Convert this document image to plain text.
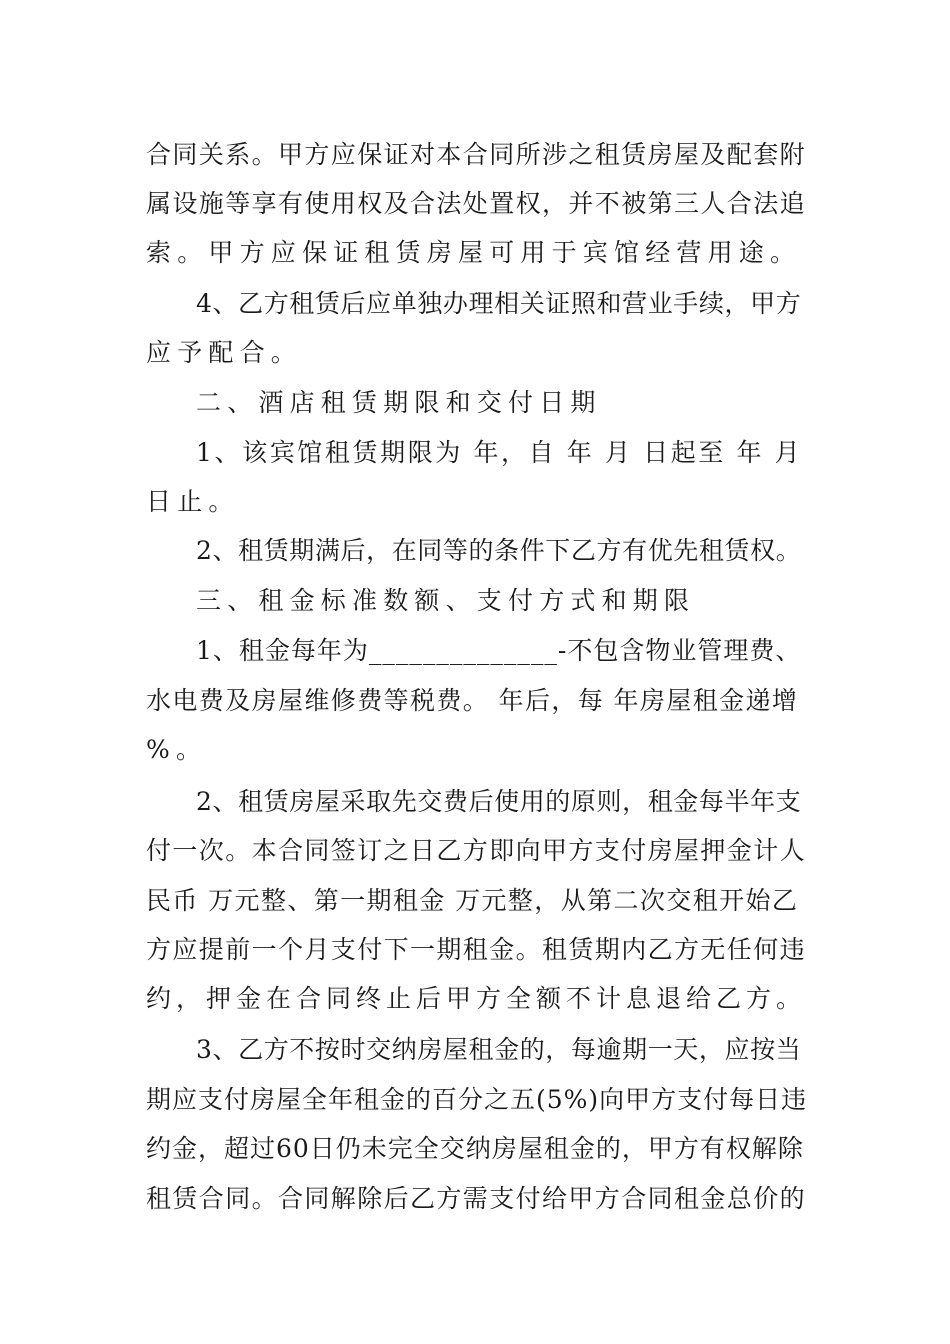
合同关系。甲方应保证对本合同所涉之租赁房屋及配套附
属设施等享有使用权及合法处置权，并不被第三人合法追
索。甲方应保证租赁房屋可用于宾馆经营用途。
4、乙方租赁后应单独办理相关证照和营业手续，甲方
应予配合。
二、酒店租赁期限和交付日期
1、该宾馆租赁期限为 年，自 年 月 日起至 年 月
日止。
2、租赁期满后，在同等的条件下乙方有优先租赁权。
三、租金标准数额、支付方式和期限
1、租金每年为______________-不包含物业管理费、
水电费及房屋维修费等税费。 年后，每 年房屋租金递增
%。
2、租赁房屋采取先交费后使用的原则，租金每半年支
付一次。本合同签订之日乙方即向甲方支付房屋押金计人
民币 万元整、第一期租金 万元整，从第二次交租开始乙
方应提前一个月支付下一期租金。租赁期内乙方无任何违
约，押金在合同终止后甲方全额不计息退给乙方。
3、乙方不按时交纳房屋租金的，每逾期一天，应按当
期应支付房屋全年租金的百分之五(5%)向甲方支付每日违
约金，超过60日仍未完全交纳房屋租金的，甲方有权解除
租赁合同。合同解除后乙方需支付给甲方合同租金总价的
